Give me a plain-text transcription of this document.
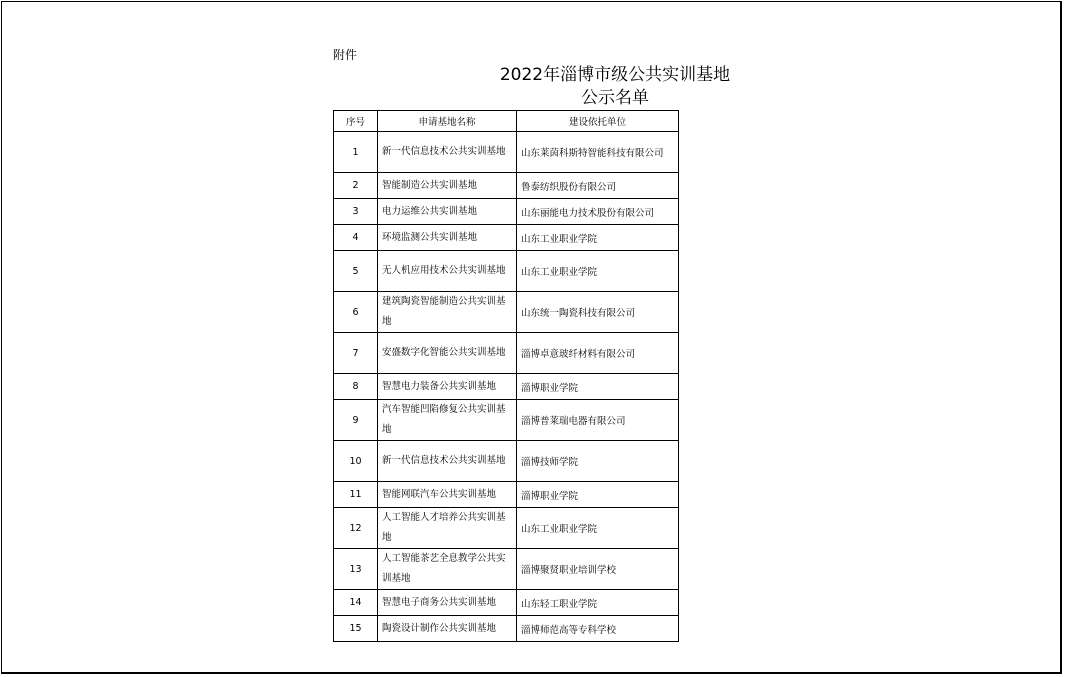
附件
2022年淄博市级公共实训基地
公示名单
序号	申请基地名称	建设依托单位
1	新一代信息技术公共实训基地	山东莱茵科斯特智能科技有限公司
2	智能制造公共实训基地	鲁泰纺织股份有限公司
3	电力运维公共实训基地	山东丽能电力技术股份有限公司
4	环境监测公共实训基地	山东工业职业学院
5	无人机应用技术公共实训基地	山东工业职业学院
6	建筑陶瓷智能制造公共实训基地	山东统一陶瓷科技有限公司
7	安盛数字化智能公共实训基地	淄博卓意玻纤材料有限公司
8	智慧电力装备公共实训基地	淄博职业学院
9	汽车智能凹陷修复公共实训基地	淄博普莱瑞电器有限公司
10	新一代信息技术公共实训基地	淄博技师学院
11	智能网联汽车公共实训基地	淄博职业学院
12	人工智能人才培养公共实训基地	山东工业职业学院
13	人工智能茶艺全息教学公共实训基地	淄博聚贤职业培训学校
14	智慧电子商务公共实训基地	山东轻工职业学院
15	陶瓷设计制作公共实训基地	淄博师范高等专科学校
